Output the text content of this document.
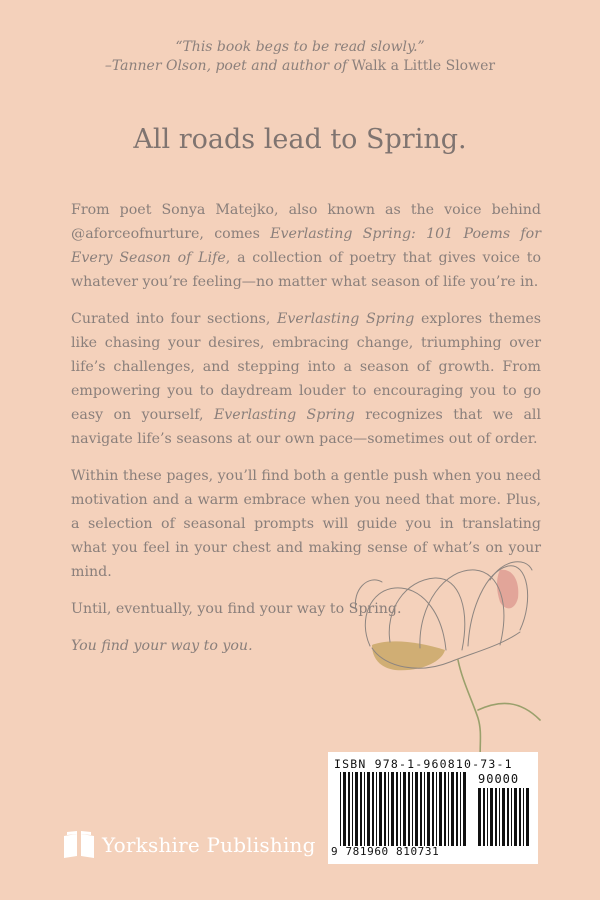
“This book begs to be read slowly.”
–Tanner Olson, poet and author of Walk a Little Slower
All roads lead to Spring.

From poet Sonya Matejko, also known as the voice behind @aforceofnurture, comes Everlasting Spring: 101 Poems for Every Season of Life, a collection of poetry that gives voice to whatever you’re feeling—no matter what season of life you’re in.

Curated into four sections, Everlasting Spring explores themes like chasing your desires, embracing change, triumphing over life’s challenges, and stepping into a season of growth. From empowering you to daydream louder to encouraging you to go easy on yourself, Everlasting Spring recognizes that we all navigate life’s seasons at our own pace—sometimes out of order.

Within these pages, you’ll find both a gentle push when you need motivation and a warm embrace when you need that more. Plus, a selection of seasonal prompts will guide you in translating what you feel in your chest and making sense of what’s on your mind.

Until, eventually, you find your way to Spring.

You find your way to you.

Yorkshire Publishing
ISBN 978-1-960810-73-1
90000
9 781960 810731
